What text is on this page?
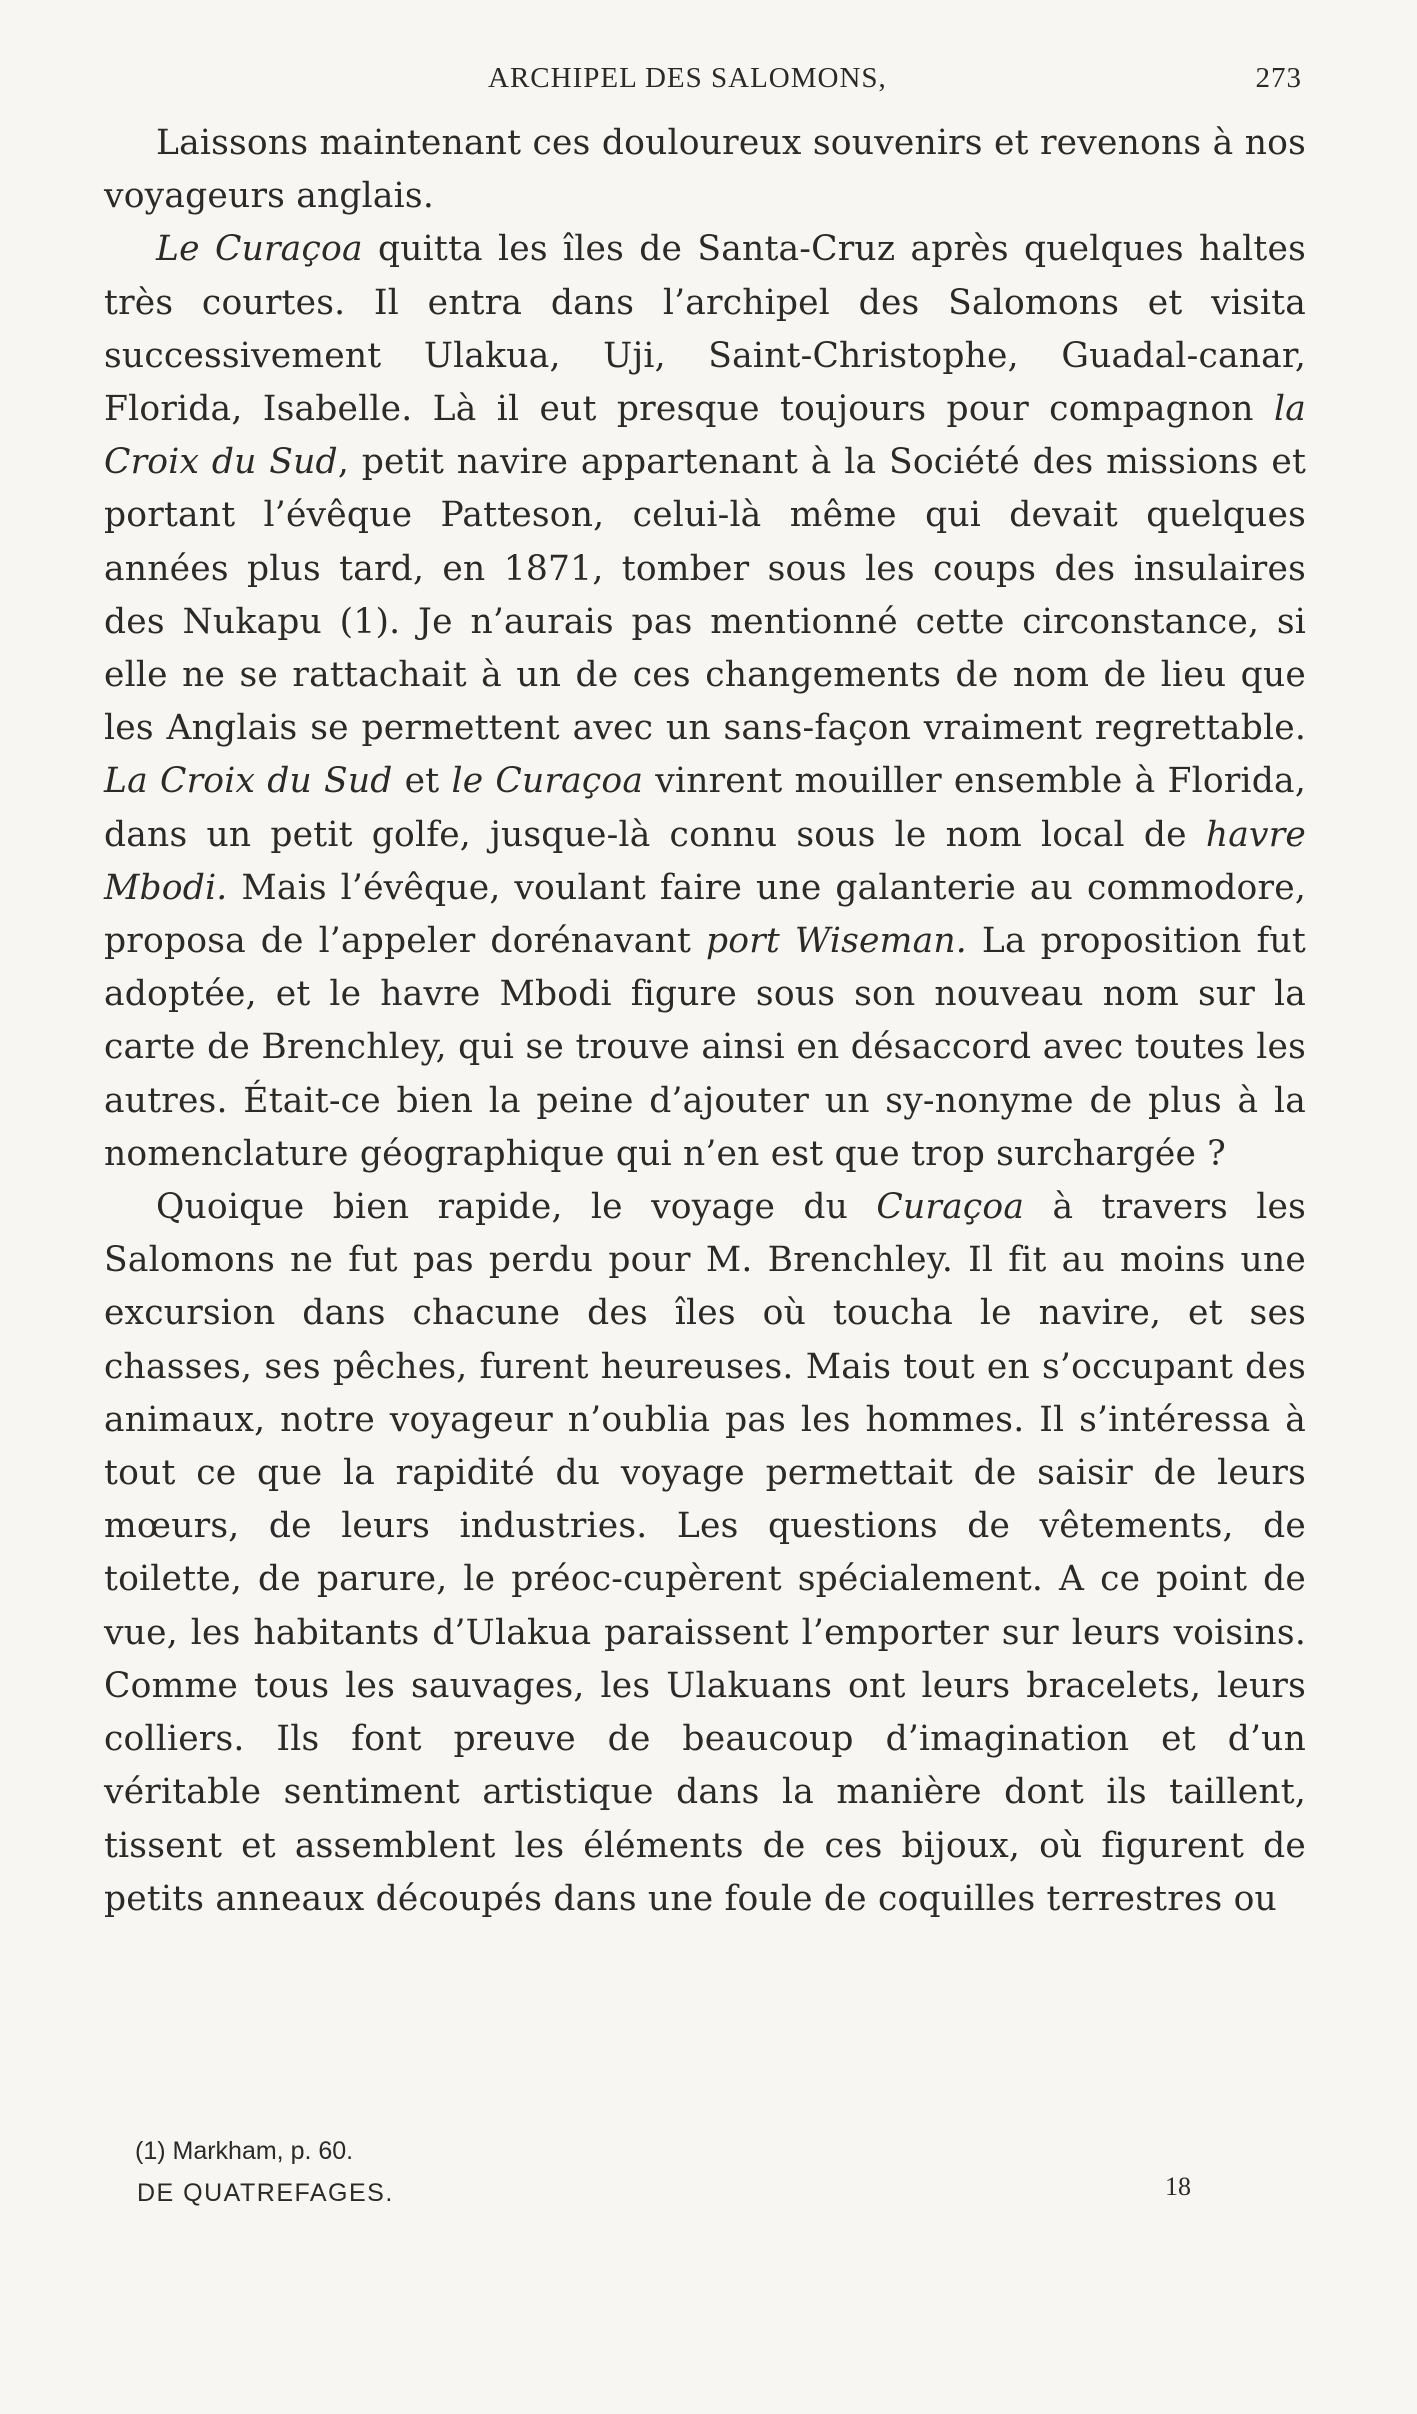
ARCHIPEL DES SALOMONS,	273

Laissons maintenant ces douloureux souvenirs et revenons à nos voyageurs anglais.

Le Curaçoa quitta les îles de Santa-Cruz après quelques haltes très courtes. Il entra dans l’archipel des Salomons et visita successivement Ulakua, Uji, Saint-Christophe, Guadal-canar, Florida, Isabelle. Là il eut presque toujours pour compagnon la Croix du Sud, petit navire appartenant à la Société des missions et portant l’évêque Patteson, celui-là même qui devait quelques années plus tard, en 1871, tomber sous les coups des insulaires des Nukapu (1). Je n’aurais pas mentionné cette circonstance, si elle ne se rattachait à un de ces changements de nom de lieu que les Anglais se permettent avec un sans-façon vraiment regrettable. La Croix du Sud et le Curaçoa vinrent mouiller ensemble à Florida, dans un petit golfe, jusque-là connu sous le nom local de havre Mbodi. Mais l’évêque, voulant faire une galanterie au commodore, proposa de l’appeler dorénavant port Wiseman. La proposition fut adoptée, et le havre Mbodi figure sous son nouveau nom sur la carte de Brenchley, qui se trouve ainsi en désaccord avec toutes les autres. Était-ce bien la peine d’ajouter un sy-nonyme de plus à la nomenclature géographique qui n’en est que trop surchargée ?

Quoique bien rapide, le voyage du Curaçoa à travers les Salomons ne fut pas perdu pour M. Brenchley. Il fit au moins une excursion dans chacune des îles où toucha le navire, et ses chasses, ses pêches, furent heureuses. Mais tout en s’occupant des animaux, notre voyageur n’oublia pas les hommes. Il s’intéressa à tout ce que la rapidité du voyage permettait de saisir de leurs mœurs, de leurs industries. Les questions de vêtements, de toilette, de parure, le préoc-cupèrent spécialement. A ce point de vue, les habitants d’Ulakua paraissent l’emporter sur leurs voisins. Comme tous les sauvages, les Ulakuans ont leurs bracelets, leurs colliers. Ils font preuve de beaucoup d’imagination et d’un véritable sentiment artistique dans la manière dont ils taillent, tissent et assemblent les éléments de ces bijoux, où figurent de petits anneaux découpés dans une foule de coquilles terrestres ou

(1) Markham, p. 60.
DE QUATREFAGES.	18
